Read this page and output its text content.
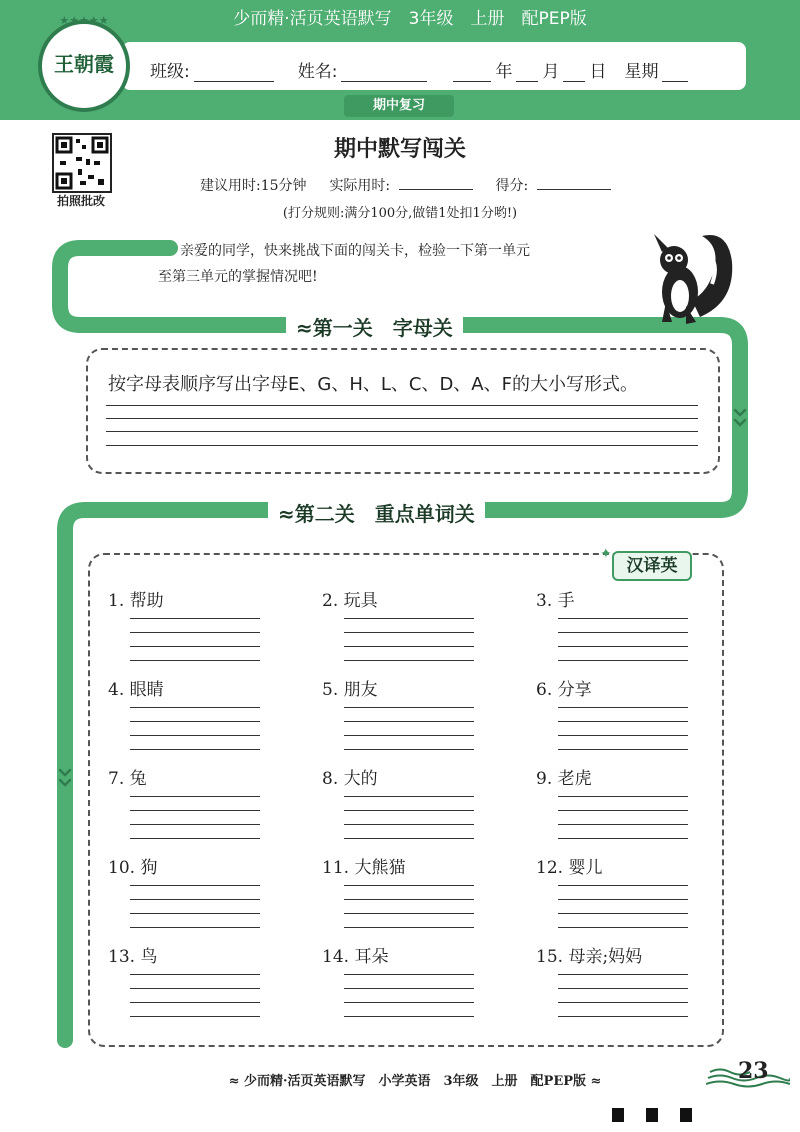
少而精·活页英语默写　3年级　上册　配PEP版
班级:	姓名:	年 月 日 星期
★★★★★
王朝霞
期中复习
拍照批改
期中默写闯关
建议用时:15分钟 实际用时:	得分:
(打分规则:满分100分,做错1处扣1分哟!)
亲爱的同学，快来挑战下面的闯关卡，检验一下第一单元
至第三单元的掌握情况吧!
≈第一关　字母关
按字母表顺序写出字母E、G、H、L、C、D、A、F的大小写形式。
≈第二关　重点单词关
✦
汉译英
1. 帮助	2. 玩具	3. 手
4. 眼睛	5. 朋友	6. 分享
7. 兔	8. 大的	9. 老虎
10. 狗	11. 大熊猫	12. 婴儿
13. 鸟	14. 耳朵	15. 母亲;妈妈
≈ 少而精·活页英语默写　小学英语　3年级　上册　配PEP版 ≈	23
